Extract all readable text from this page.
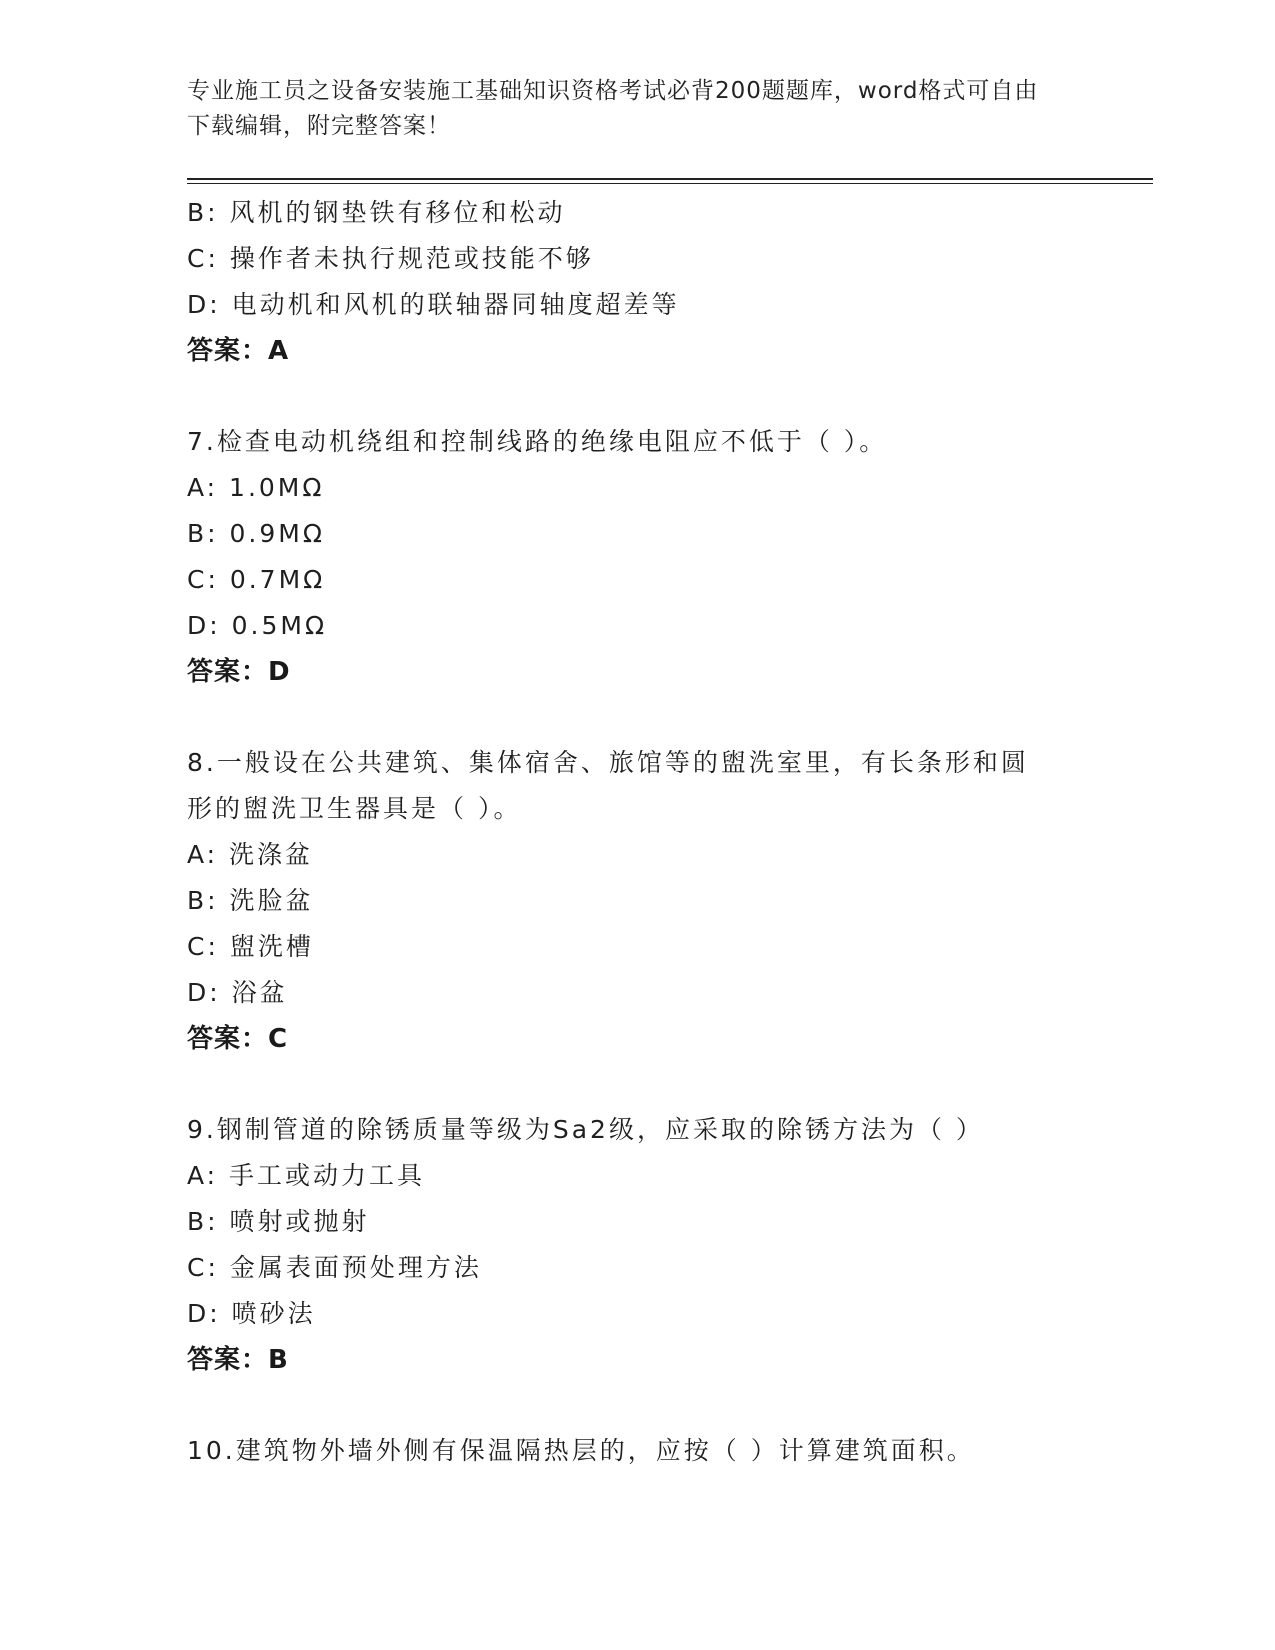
专业施工员之设备安装施工基础知识资格考试必背200题题库，word格式可自由
下载编辑，附完整答案！
B: 风机的钢垫铁有移位和松动
C: 操作者未执行规范或技能不够
D: 电动机和风机的联轴器同轴度超差等
答案：A
7.检查电动机绕组和控制线路的绝缘电阻应不低于（ ）。
A: 1.0MΩ
B: 0.9MΩ
C: 0.7MΩ
D: 0.5MΩ
答案：D
8.一般设在公共建筑、集体宿舍、旅馆等的盥洗室里，有长条形和圆
形的盥洗卫生器具是（ ）。
A: 洗涤盆
B: 洗脸盆
C: 盥洗槽
D: 浴盆
答案：C
9.钢制管道的除锈质量等级为Sa2级，应采取的除锈方法为（ ）
A: 手工或动力工具
B: 喷射或抛射
C: 金属表面预处理方法
D: 喷砂法
答案：B
10.建筑物外墙外侧有保温隔热层的，应按（ ）计算建筑面积。
